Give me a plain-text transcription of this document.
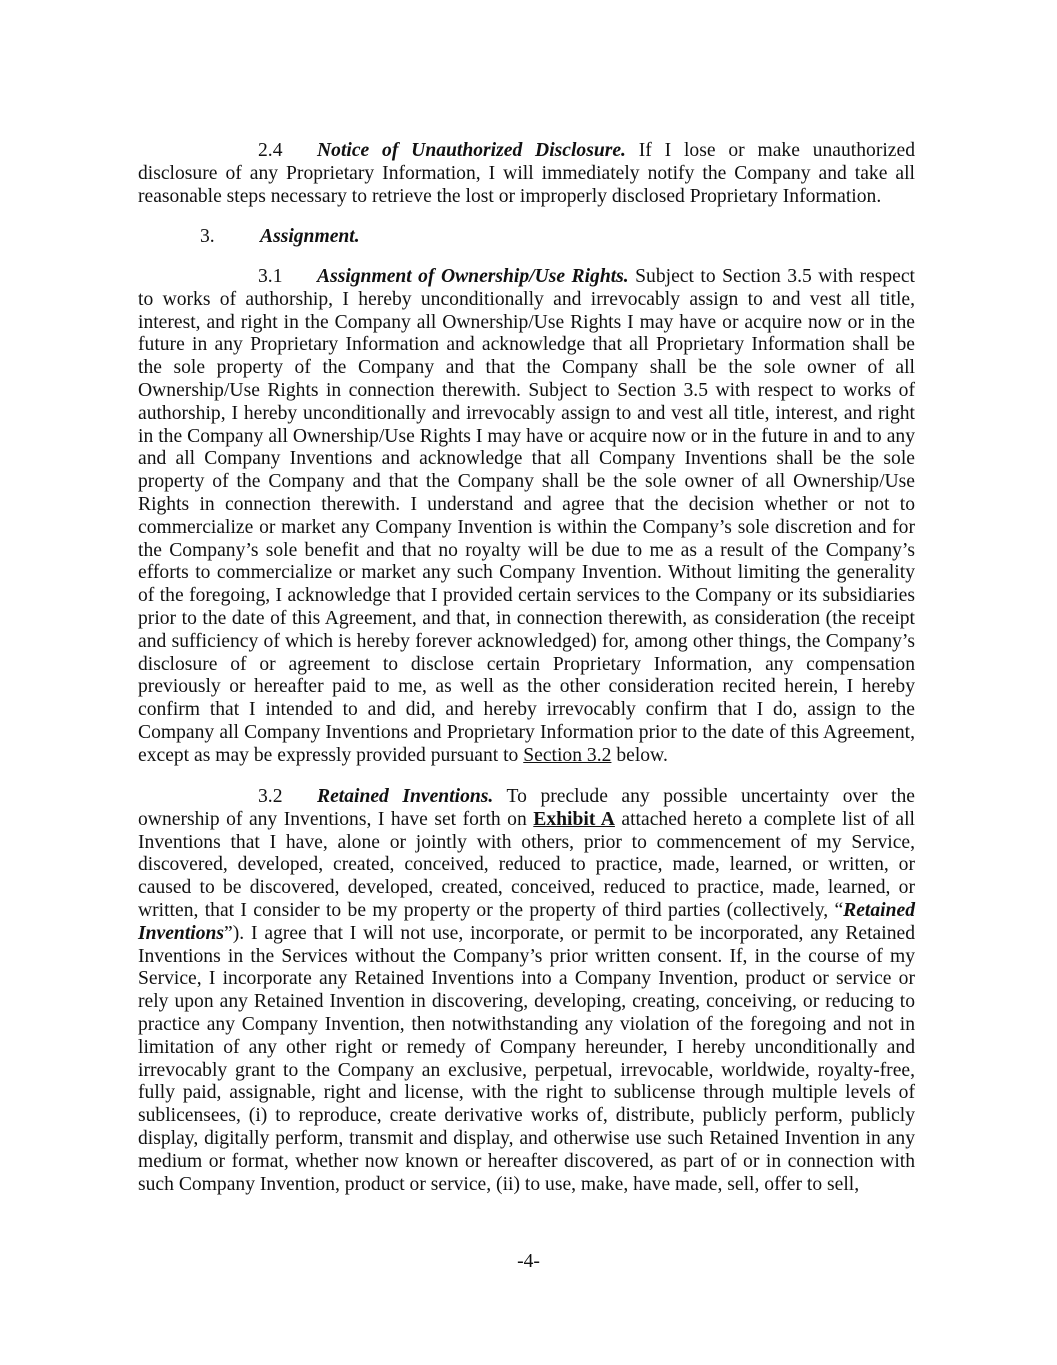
2.4 Notice of Unauthorized Disclosure. If I lose or make unauthorized disclosure of any Proprietary Information, I will immediately notify the Company and take all reasonable steps necessary to retrieve the lost or improperly disclosed Proprietary Information.

3. Assignment.

3.1 Assignment of Ownership/Use Rights. Subject to Section 3.5 with respect to works of authorship, I hereby unconditionally and irrevocably assign to and vest all title, interest, and right in the Company all Ownership/Use Rights I may have or acquire now or in the future in any Proprietary Information and acknowledge that all Proprietary Information shall be the sole property of the Company and that the Company shall be the sole owner of all Ownership/Use Rights in connection therewith. Subject to Section 3.5 with respect to works of authorship, I hereby unconditionally and irrevocably assign to and vest all title, interest, and right in the Company all Ownership/Use Rights I may have or acquire now or in the future in and to any and all Company Inventions and acknowledge that all Company Inventions shall be the sole property of the Company and that the Company shall be the sole owner of all Ownership/Use Rights in connection therewith. I understand and agree that the decision whether or not to commercialize or market any Company Invention is within the Company’s sole discretion and for the Company’s sole benefit and that no royalty will be due to me as a result of the Company’s efforts to commercialize or market any such Company Invention. Without limiting the generality of the foregoing, I acknowledge that I provided certain services to the Company or its subsidiaries prior to the date of this Agreement, and that, in connection therewith, as consideration (the receipt and sufficiency of which is hereby forever acknowledged) for, among other things, the Company’s disclosure of or agreement to disclose certain Proprietary Information, any compensation previously or hereafter paid to me, as well as the other consideration recited herein, I hereby confirm that I intended to and did, and hereby irrevocably confirm that I do, assign to the Company all Company Inventions and Proprietary Information prior to the date of this Agreement, except as may be expressly provided pursuant to Section 3.2 below.

3.2 Retained Inventions. To preclude any possible uncertainty over the ownership of any Inventions, I have set forth on Exhibit A attached hereto a complete list of all Inventions that I have, alone or jointly with others, prior to commencement of my Service, discovered, developed, created, conceived, reduced to practice, made, learned, or written, or caused to be discovered, developed, created, conceived, reduced to practice, made, learned, or written, that I consider to be my property or the property of third parties (collectively, “Retained Inventions”). I agree that I will not use, incorporate, or permit to be incorporated, any Retained Inventions in the Services without the Company’s prior written consent. If, in the course of my Service, I incorporate any Retained Inventions into a Company Invention, product or service or rely upon any Retained Invention in discovering, developing, creating, conceiving, or reducing to practice any Company Invention, then notwithstanding any violation of the foregoing and not in limitation of any other right or remedy of Company hereunder, I hereby unconditionally and irrevocably grant to the Company an exclusive, perpetual, irrevocable, worldwide, royalty-free, fully paid, assignable, right and license, with the right to sublicense through multiple levels of sublicensees, (i) to reproduce, create derivative works of, distribute, publicly perform, publicly display, digitally perform, transmit and display, and otherwise use such Retained Invention in any medium or format, whether now known or hereafter discovered, as part of or in connection with such Company Invention, product or service, (ii) to use, make, have made, sell, offer to sell,

-4-
